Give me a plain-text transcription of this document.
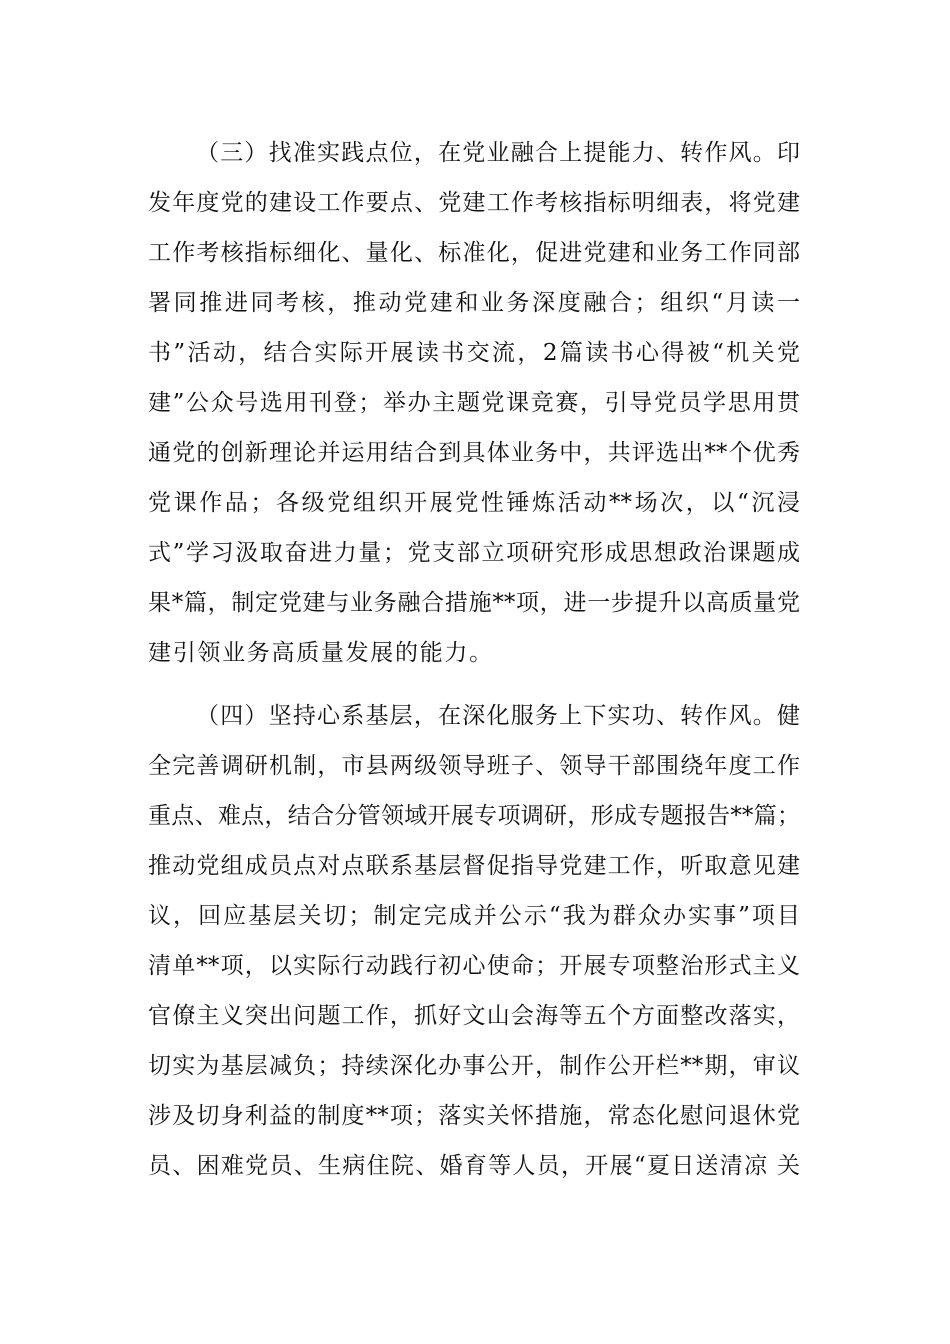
（三）找准实践点位，在党业融合上提能力、转作风。印
发年度党的建设工作要点、党建工作考核指标明细表，将党建
工作考核指标细化、量化、标准化，促进党建和业务工作同部
署同推进同考核，推动党建和业务深度融合；组织“月读一
书”活动，结合实际开展读书交流，2篇读书心得被“机关党
建”公众号选用刊登；举办主题党课竞赛，引导党员学思用贯
通党的创新理论并运用结合到具体业务中，共评选出**个优秀
党课作品；各级党组织开展党性锤炼活动**场次，以“沉浸
式”学习汲取奋进力量；党支部立项研究形成思想政治课题成
果*篇，制定党建与业务融合措施**项，进一步提升以高质量党
建引领业务高质量发展的能力。
（四）坚持心系基层，在深化服务上下实功、转作风。健
全完善调研机制，市县两级领导班子、领导干部围绕年度工作
重点、难点，结合分管领域开展专项调研，形成专题报告**篇；
推动党组成员点对点联系基层督促指导党建工作，听取意见建
议，回应基层关切；制定完成并公示“我为群众办实事”项目
清单**项，以实际行动践行初心使命；开展专项整治形式主义
官僚主义突出问题工作，抓好文山会海等五个方面整改落实，
切实为基层减负；持续深化办事公开，制作公开栏**期，审议
涉及切身利益的制度**项；落实关怀措施，常态化慰问退休党
员、困难党员、生病住院、婚育等人员，开展“夏日送清凉 关
